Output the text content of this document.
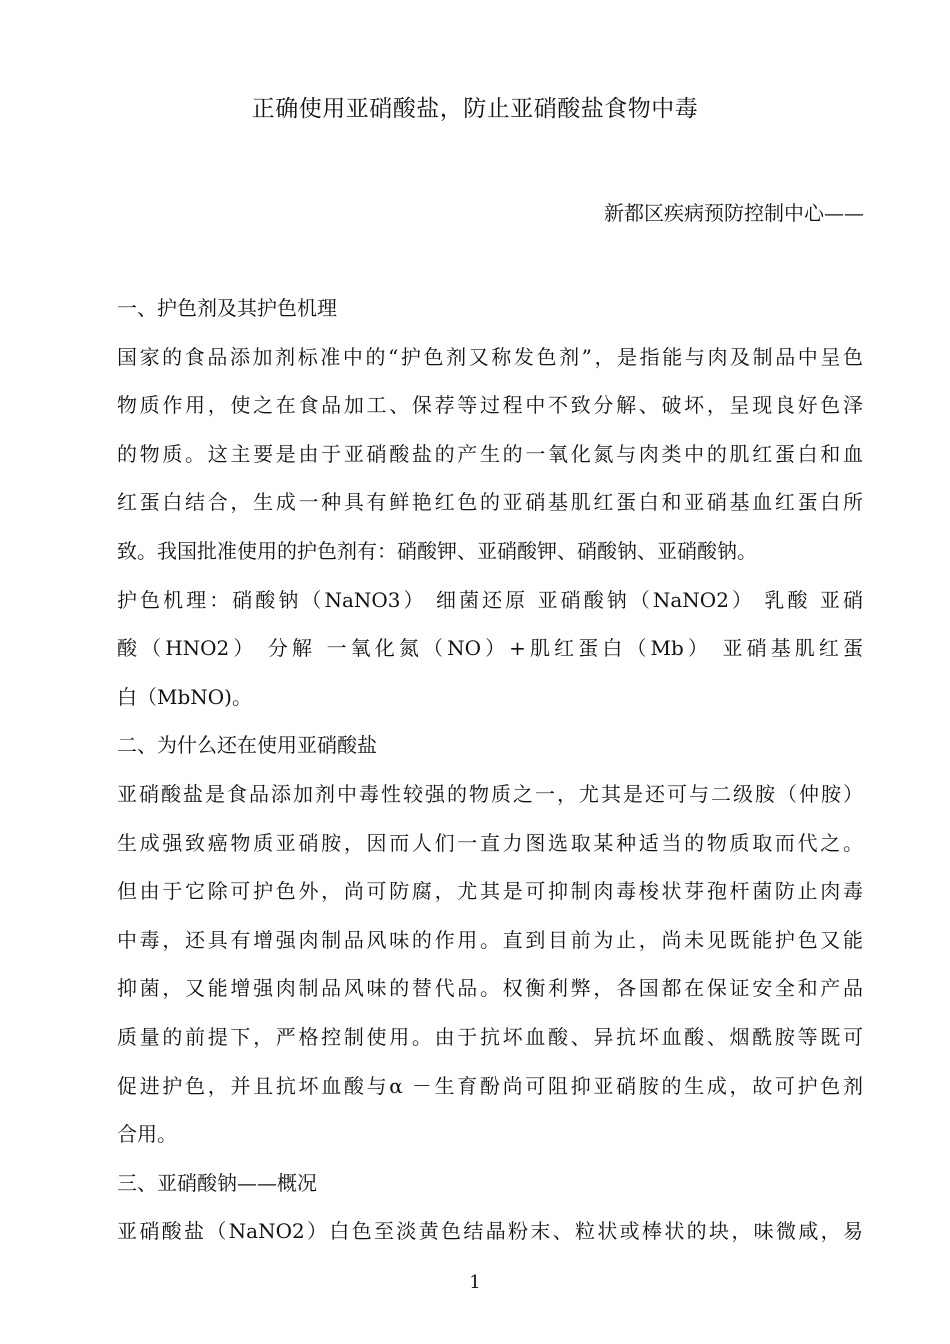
正确使用亚硝酸盐，防止亚硝酸盐食物中毒
新都区疾病预防控制中心——
一、护色剂及其护色机理
国家的食品添加剂标准中的“护色剂又称发色剂”，是指能与肉及制品中呈色
物质作用，使之在食品加工、保荐等过程中不致分解、破坏，呈现良好色泽
的物质。这主要是由于亚硝酸盐的产生的一氧化氮与肉类中的肌红蛋白和血
红蛋白结合，生成一种具有鲜艳红色的亚硝基肌红蛋白和亚硝基血红蛋白所
致。我国批准使用的护色剂有：硝酸钾、亚硝酸钾、硝酸钠、亚硝酸钠。
护色机理：硝酸钠（NaNO3） 细菌还原 亚硝酸钠（NaNO2） 乳酸 亚硝
酸（HNO2） 分解 一氧化氮（NO）+肌红蛋白（Mb） 亚硝基肌红蛋
白（MbNO)。
二、为什么还在使用亚硝酸盐
亚硝酸盐是食品添加剂中毒性较强的物质之一，尤其是还可与二级胺（仲胺）
生成强致癌物质亚硝胺，因而人们一直力图选取某种适当的物质取而代之。
但由于它除可护色外，尚可防腐，尤其是可抑制肉毒梭状芽孢杆菌防止肉毒
中毒，还具有增强肉制品风味的作用。直到目前为止，尚未见既能护色又能
抑菌，又能增强肉制品风味的替代品。权衡利弊，各国都在保证安全和产品
质量的前提下，严格控制使用。由于抗坏血酸、异抗坏血酸、烟酰胺等既可
促进护色，并且抗坏血酸与α －生育酚尚可阻抑亚硝胺的生成，故可护色剂
合用。
三、亚硝酸钠——概况
亚硝酸盐（NaNO2）白色至淡黄色结晶粉末、粒状或棒状的块，味微咸，易
1
